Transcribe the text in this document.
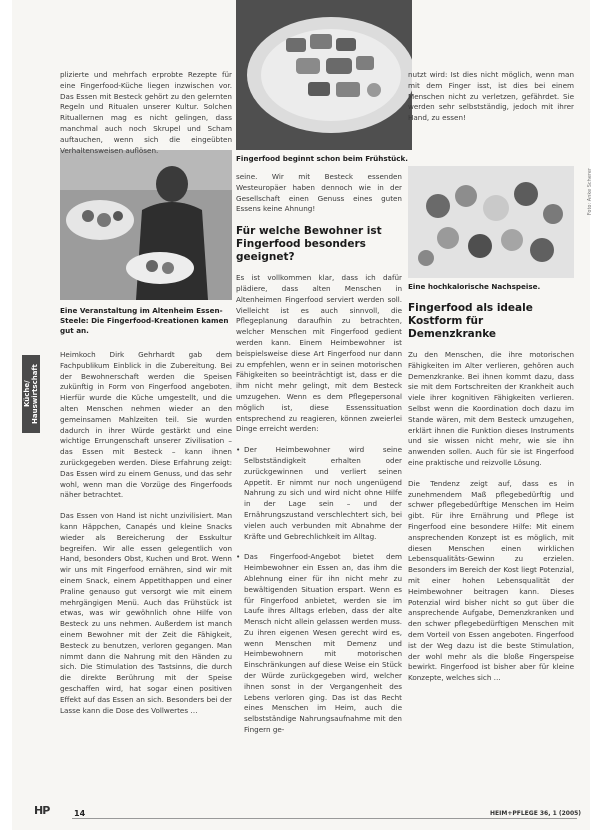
Fingerfood beginnt schon beim Frühstück.
Eine hochkalorische Nachspeise.
Eine Veranstaltung im Altenheim Essen-Steele: Die Fingerfood-Kreationen kamen gut an.

plizierte und mehrfach erprobte Rezepte für eine Fingerfood-Küche liegen inzwischen vor. Das Essen mit Besteck gehört zu den gelernten Regeln und Ritualen unserer Kultur. Solchen Rituallernen mag es nicht gelingen, dass manchmal auch noch Skrupel und Scham auftauchen, wenn sich die eingeübten Verhaltensweisen auflösen.

Heimkoch Dirk Gehrhardt gab dem Fachpublikum Einblick in die Zubereitung. Bei der Bewohnerschaft werden die Speisen zukünftig in Form von Fingerfood angeboten. Hierfür wurde die Küche umgestellt, und die alten Menschen nehmen wieder an den gemeinsamen Mahlzeiten teil. Sie wurden dadurch in ihrer Würde gestärkt und eine wichtige Errungenschaft unserer Zivilisation – das Essen mit Besteck – kann ihnen zurückgegeben werden. Diese Erfahrung zeigt: Das Essen wird zu einem Genuss, und das sehr wohl, wenn man die Vorzüge des Fingerfoods näher betrachtet.

Das Essen von Hand ist nicht unzivilisiert. Man kann Häppchen, Canapés und kleine Snacks wieder als Bereicherung der Esskultur begreifen. Wir alle essen gelegentlich von Hand, besonders Obst, Kuchen und Brot. Wenn wir uns mit Fingerfood ernähren, sind wir mit einem Snack, einem Appetithappen und einer Praline genauso gut versorgt wie mit einem mehrgängigen Menü. Auch das Frühstück ist etwas, was wir gewöhnlich ohne Hilfe von Besteck zu uns nehmen. Außerdem ist manch einem Bewohner mit der Zeit die Fähigkeit, Besteck zu benutzen, verloren gegangen. Man nimmt dann die Nahrung mit den Händen zu sich. Die Stimulation des Tastsinns, die durch die direkte Berührung mit der Speise geschaffen wird, hat sogar einen positiven Effekt auf das Essen an sich. Besonders bei der Lasse kann die Dose des Vollwertes …

seine. Wir mit Besteck essenden Westeuropäer haben dennoch wie in der Gesellschaft einen Genuss eines guten Essens keine Ahnung!

Für welche Bewohner ist Fingerfood besonders geeignet?

Es ist vollkommen klar, dass ich dafür plädiere, dass alten Menschen in Altenheimen Fingerfood serviert werden soll. Vielleicht ist es auch sinnvoll, die Pflegeplanung daraufhin zu betrachten, welcher Menschen mit Fingerfood gedient werden kann. Einem Heimbewohner ist beispielsweise diese Art Fingerfood nur dann zu empfehlen, wenn er in seinen motorischen Fähigkeiten so beeinträchtigt ist, dass er die ihm nicht mehr gelingt, mit dem Besteck umzugehen. Wenn es dem Pflegepersonal möglich ist, diese Essenssituation entsprechend zu reagieren, können zweierlei Dinge erreicht werden:

• Der Heimbewohner wird seine Selbstständigkeit erhalten oder zurückgewinnen und verliert seinen Appetit. Er nimmt nur noch ungenügend Nahrung zu sich und wird nicht ohne Hilfe in der Lage sein – und der Ernährungszustand verschlechtert sich, bei vielen auch verbunden mit Abnahme der Kräfte und Gebrechlichkeit im Alltag.
• Das Fingerfood-Angebot bietet dem Heimbewohner ein Essen an, das ihm die Ablehnung einer für ihn nicht mehr zu bewältigenden Situation erspart. Wenn es für Fingerfood anbietet, werden sie im Laufe ihres Alltags erleben, dass der alte Mensch nicht allein gelassen werden muss. Zu ihren eigenen Wesen gerecht wird es, wenn Menschen mit Demenz und Heimbewohnern mit motorischen Einschränkungen auf diese Weise ein Stück der Würde zurückgegeben wird, welcher ihnen sonst in der Vergangenheit des Lebens verloren ging. Das ist das Recht eines Menschen im Heim, auch die selbstständige Nahrungsaufnahme mit den Fingern ge-

nutzt wird: Ist dies nicht möglich, wenn man mit dem Finger isst, ist dies bei einem Menschen nicht zu verletzen, gefährdet. Sie werden sehr selbstständig, jedoch mit ihrer Hand, zu essen!

Fingerfood als ideale Kostform für Demenzkranke

Zu den Menschen, die ihre motorischen Fähigkeiten im Alter verlieren, gehören auch Demenzkranke. Bei ihnen kommt dazu, dass sie mit dem Fortschreiten der Krankheit auch viele ihrer kognitiven Fähigkeiten verlieren. Selbst wenn die Koordination doch dazu im Stande wären, mit dem Besteck umzugehen, erklärt ihnen die Funktion dieses Instruments und sie wissen nicht mehr, wie sie ihn anwenden sollen. Auch für sie ist Fingerfood eine praktische und reizvolle Lösung.

Die Tendenz zeigt auf, dass es in zunehmendem Maß pflegebedürftig und schwer pflegebedürftige Menschen im Heim gibt. Für ihre Ernährung und Pflege ist Fingerfood eine besondere Hilfe: Mit einem ansprechenden Konzept ist es möglich, mit diesen Menschen einen wirklichen Lebensqualitäts-Gewinn zu erzielen. Besonders im Bereich der Kost liegt Potenzial, mit einer hohen Lebensqualität der Heimbewohner beitragen kann. Dieses Potenzial wird bisher nicht so gut über die ansprechende Aufgabe, Demenzkranken und den schwer pflegebedürftigen Menschen mit dem Vorteil von Essen angeboten. Fingerfood ist der Weg dazu ist die beste Stimulation, der wohl mehr als die bloße Fingerspeise bewirkt. Fingerfood ist bisher aber für kleine Konzepte, welches sich …

Küche/ Hauswirtschaft
Foto: Anke Scherer
HP	14	HEIM+PFLEGE 36, 1 (2005)
